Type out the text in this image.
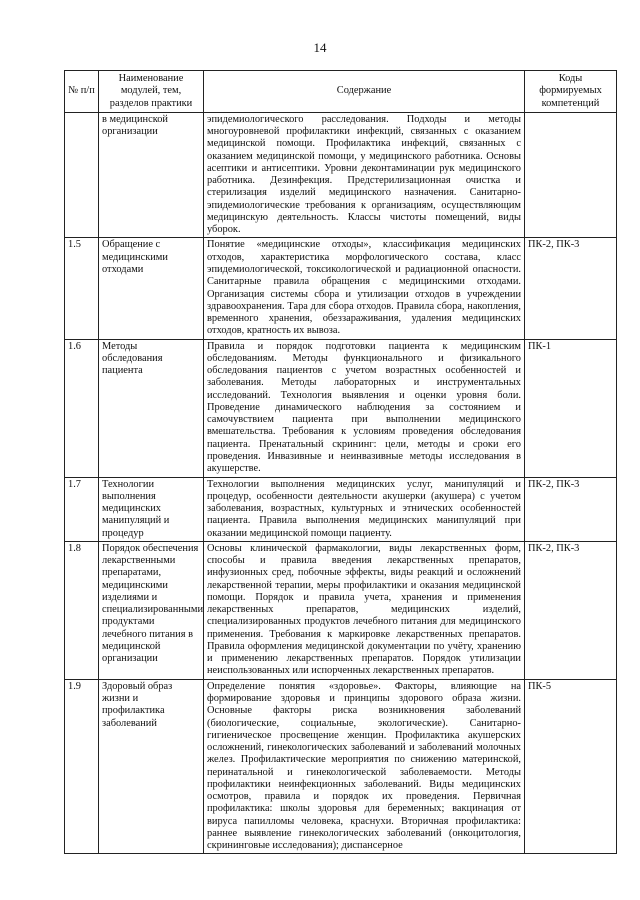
14
№ п/п	Наименование модулей, тем, разделов практики	Содержание	Коды формируемых компетенций
	в медицинской организации	эпидемиологического расследования. Подходы и методы многоуровневой профилактики инфекций, связанных с оказанием медицинской помощи. Профилактика инфекций, связанных с оказанием медицинской помощи, у медицинского работника. Основы асептики и антисептики. Уровни деконтаминации рук медицинского работника. Дезинфекция. Предстерилизационная очистка и стерилизация изделий медицинского назначения. Санитарно-эпидемиологические требования к организациям, осуществляющим медицинскую деятельность. Классы чистоты помещений, виды уборок.	
1.5	Обращение с медицинскими отходами	Понятие «медицинские отходы», классификация медицинских отходов, характеристика морфологического состава, класс эпидемиологической, токсикологической и радиационной опасности. Санитарные правила обращения с медицинскими отходами. Организация системы сбора и утилизации отходов в учреждении здравоохранения. Тара для сбора отходов. Правила сбора, накопления, временного хранения, обеззараживания, удаления медицинских отходов, кратность их вывоза.	ПК-2, ПК-3
1.6	Методы обследования пациента	Правила и порядок подготовки пациента к медицинским обследованиям. Методы функционального и физикального обследования пациентов с учетом возрастных особенностей и заболевания. Методы лабораторных и инструментальных исследований. Технология выявления и оценки уровня боли. Проведение динамического наблюдения за состоянием и самочувствием пациента при выполнении медицинского вмешательства. Требования к условиям проведения обследования пациента. Пренатальный скрининг: цели, методы и сроки его проведения. Инвазивные и неинвазивные методы исследования в акушерстве.	ПК-1
1.7	Технологии выполнения медицинских манипуляций и процедур	Технологии выполнения медицинских услуг, манипуляций и процедур, особенности деятельности акушерки (акушера) с учетом заболевания, возрастных, культурных и этнических особенностей пациента. Правила выполнения медицинских манипуляций при оказании медицинской помощи пациенту.	ПК-2, ПК-3
1.8	Порядок обеспечения лекарственными препаратами, медицинскими изделиями и специализированными продуктами лечебного питания в медицинской организации	Основы клинической фармакологии, виды лекарственных форм, способы и правила введения лекарственных препаратов, инфузионных сред, побочные эффекты, виды реакций и осложнений лекарственной терапии, меры профилактики и оказания медицинской помощи. Порядок и правила учета, хранения и применения лекарственных препаратов, медицинских изделий, специализированных продуктов лечебного питания для медицинского применения. Требования к маркировке лекарственных препаратов. Правила оформления медицинской документации по учёту, хранению и применению лекарственных препаратов. Порядок утилизации неиспользованных или испорченных лекарственных препаратов.	ПК-2, ПК-3
1.9	Здоровый образ жизни и профилактика заболеваний	Определение понятия «здоровье». Факторы, влияющие на формирование здоровья и принципы здорового образа жизни. Основные факторы риска возникновения заболеваний (биологические, социальные, экологические). Санитарно-гигиеническое просвещение женщин. Профилактика акушерских осложнений, гинекологических заболеваний и заболеваний молочных желез. Профилактические мероприятия по снижению материнской, перинатальной и гинекологической заболеваемости. Методы профилактики неинфекционных заболеваний. Виды медицинских осмотров, правила и порядок их проведения. Первичная профилактика: школы здоровья для беременных; вакцинация от вируса папилломы человека, краснухи. Вторичная профилактика: раннее выявление гинекологических заболеваний (онкоцитология, скрининговые исследования); диспансерное	ПК-5
